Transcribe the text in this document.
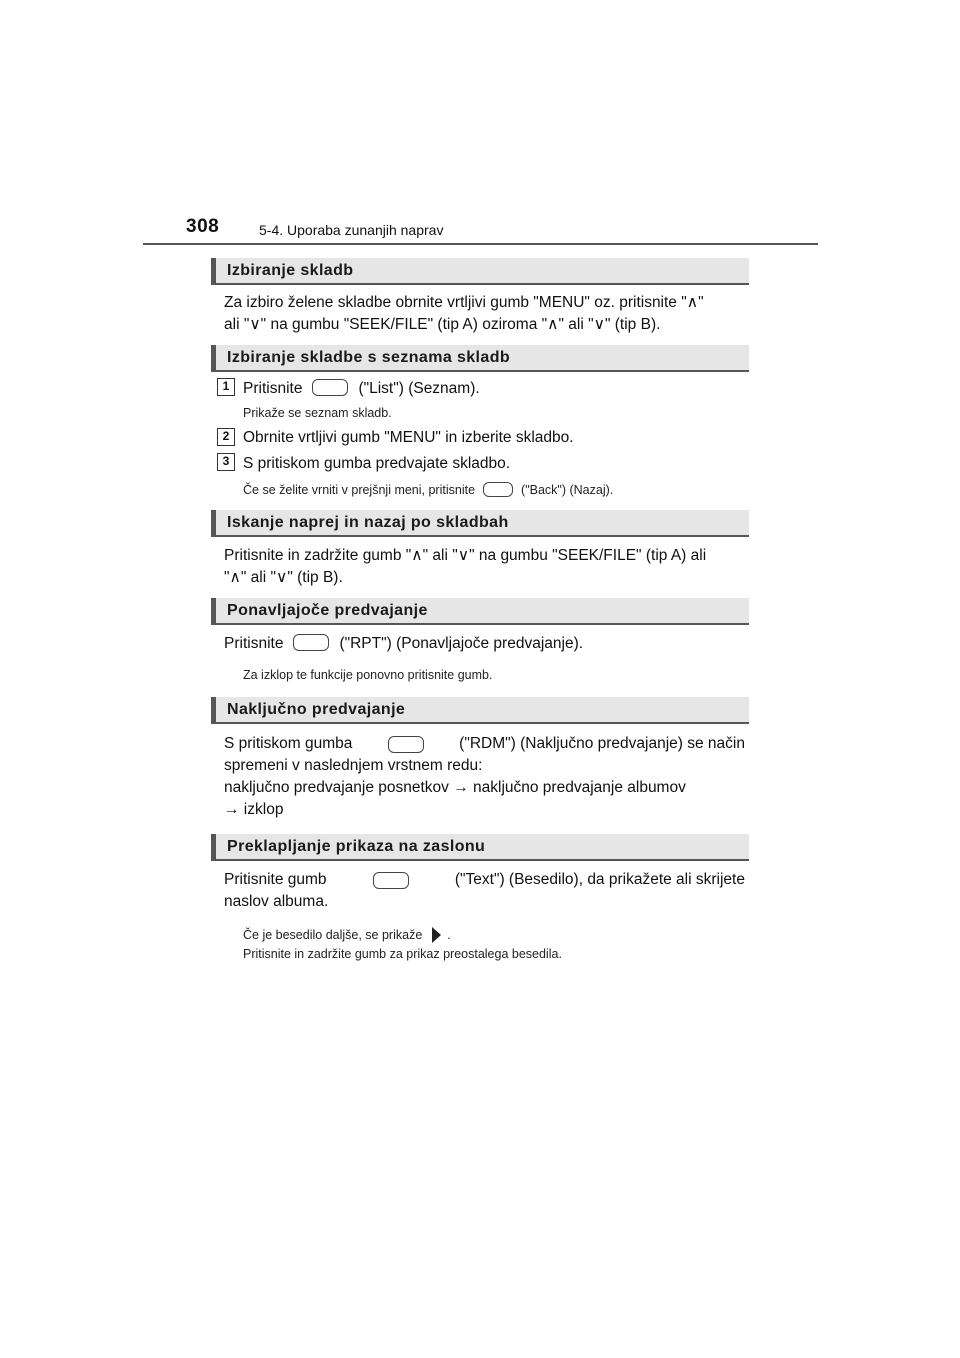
308	5-4. Uporaba zunanjih naprav
Izbiranje skladb
Za izbiro želene skladbe obrnite vrtljivi gumb "MENU" oz. pritisnite "∧"
ali "∨" na gumbu "SEEK/FILE" (tip A) oziroma "∧" ali "∨" (tip B).
Izbiranje skladbe s seznama skladb
1 Pritisnite	("List") (Seznam).
Prikaže se seznam skladb.
2 Obrnite vrtljivi gumb "MENU" in izberite skladbo.
3 S pritiskom gumba predvajate skladbo.
Če se želite vrniti v prejšnji meni, pritisnite	("Back") (Nazaj).
Iskanje naprej in nazaj po skladbah
Pritisnite in zadržite gumb "∧" ali "∨" na gumbu "SEEK/FILE" (tip A) ali
"∧" ali "∨" (tip B).
Ponavljajoče predvajanje
Pritisnite	("RPT") (Ponavljajoče predvajanje).
Za izklop te funkcije ponovno pritisnite gumb.
Naključno predvajanje
S pritiskom gumba	("RDM") (Naključno predvajanje) se način
spremeni v naslednjem vrstnem redu:
naključno predvajanje posnetkov → naključno predvajanje albumov
→ izklop
Preklapljanje prikaza na zaslonu
Pritisnite gumb	("Text") (Besedilo), da prikažete ali skrijete
naslov albuma.
Če je besedilo daljše, se prikaže .
Pritisnite in zadržite gumb za prikaz preostalega besedila.
